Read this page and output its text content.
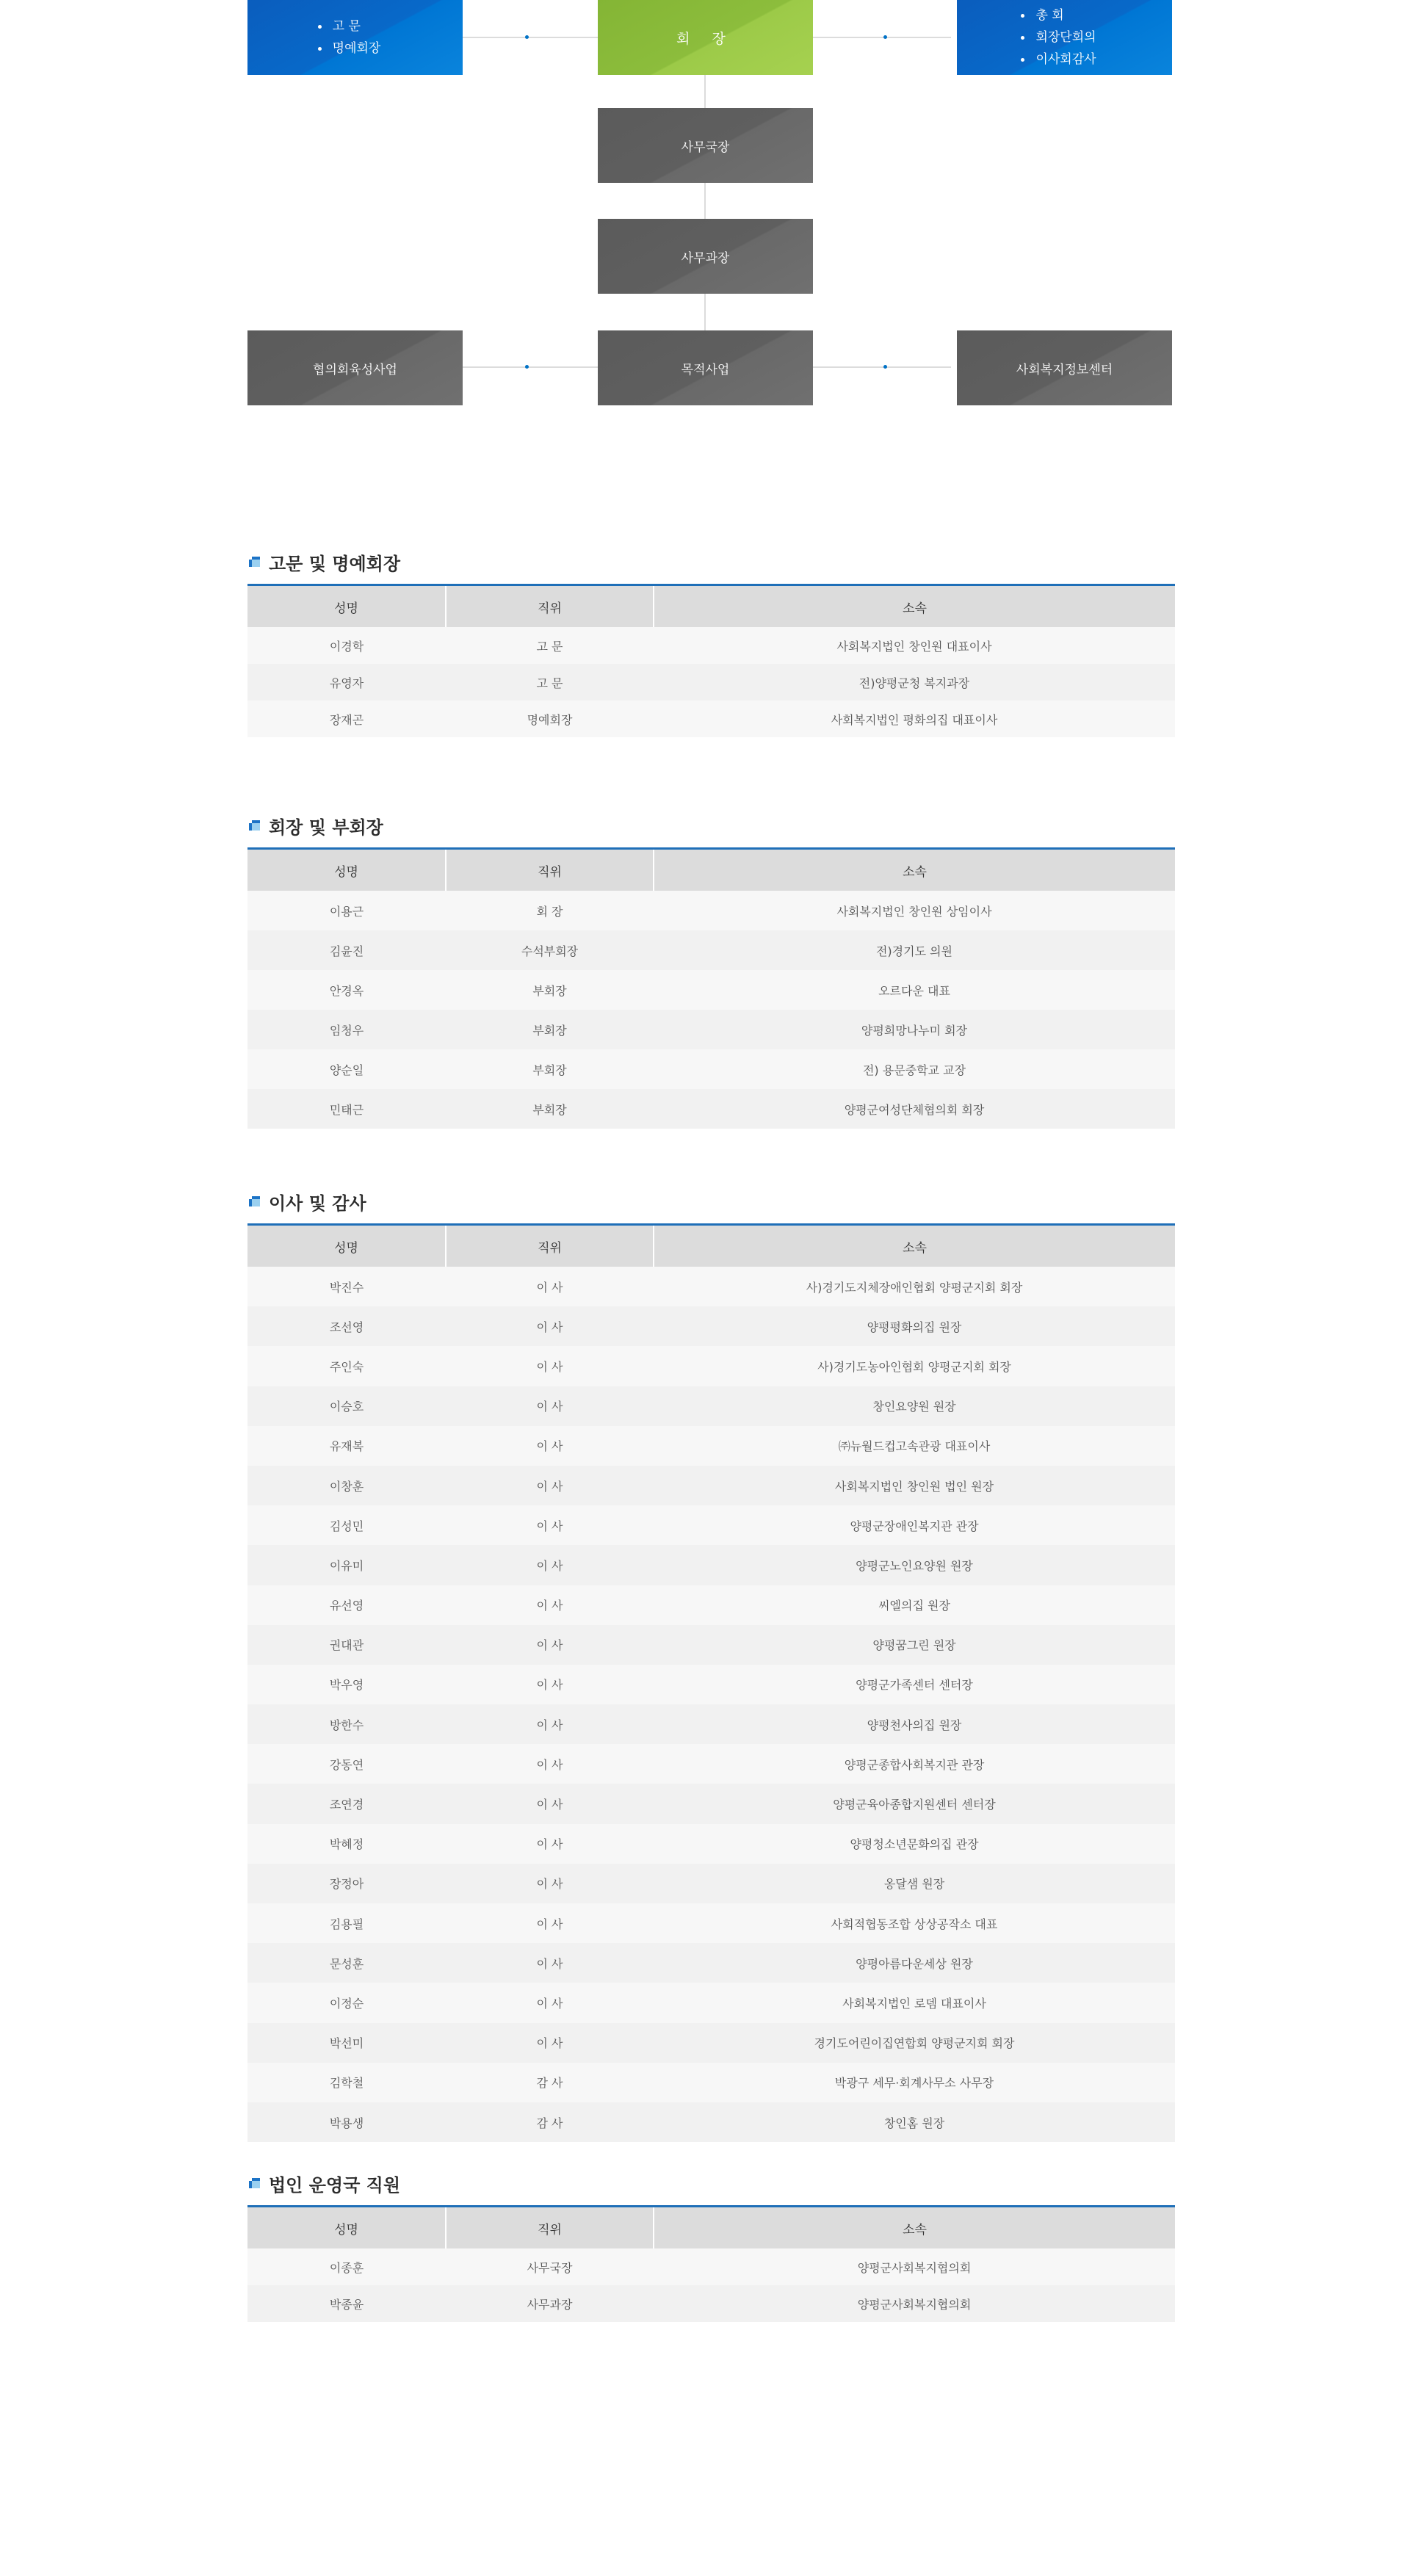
고 문
명예회장
회 장
총 회
회장단회의
이사회감사
사무국장
사무과장
협의회육성사업	목적사업	사회복지정보센터
고문 및 명예회장
성명	직위	소속
이경학	고 문	사회복지법인 창인원 대표이사
유영자	고 문	전)양평군청 복지과장
장재곤	명예회장	사회복지법인 평화의집 대표이사
회장 및 부회장
성명	직위	소속
이용근	회 장	사회복지법인 창인원 상임이사
김윤진	수석부회장	전)경기도 의원
안경옥	부회장	오르다운 대표
임청우	부회장	양평희망나누미 회장
양순일	부회장	전) 용문중학교 교장
민태근	부회장	양평군여성단체협의회 회장
이사 및 감사
성명	직위	소속
박진수	이 사	사)경기도지체장애인협회 양평군지회 회장
조선영	이 사	양평평화의집 원장
주인숙	이 사	사)경기도농아인협회 양평군지회 회장
이승호	이 사	창인요양원 원장
유재복	이 사	㈜뉴월드컵고속관광 대표이사
이창훈	이 사	사회복지법인 창인원 법인 원장
김성민	이 사	양평군장애인복지관 관장
이유미	이 사	양평군노인요양원 원장
유선영	이 사	씨엘의집 원장
권대관	이 사	양평꿈그린 원장
박우영	이 사	양평군가족센터 센터장
방한수	이 사	양평천사의집 원장
강동연	이 사	양평군종합사회복지관 관장
조연경	이 사	양평군육아종합지원센터 센터장
박혜정	이 사	양평청소년문화의집 관장
장정아	이 사	옹달샘 원장
김용필	이 사	사회적협동조합 상상공작소 대표
문성훈	이 사	양평아름다운세상 원장
이정순	이 사	사회복지법인 로뎀 대표이사
박선미	이 사	경기도어린이집연합회 양평군지회 회장
김학철	감 사	박광구 세무·회계사무소 사무장
박용생	감 사	창인홈 원장
법인 운영국 직원
성명	직위	소속
이종훈	사무국장	양평군사회복지협의회
박종윤	사무과장	양평군사회복지협의회
